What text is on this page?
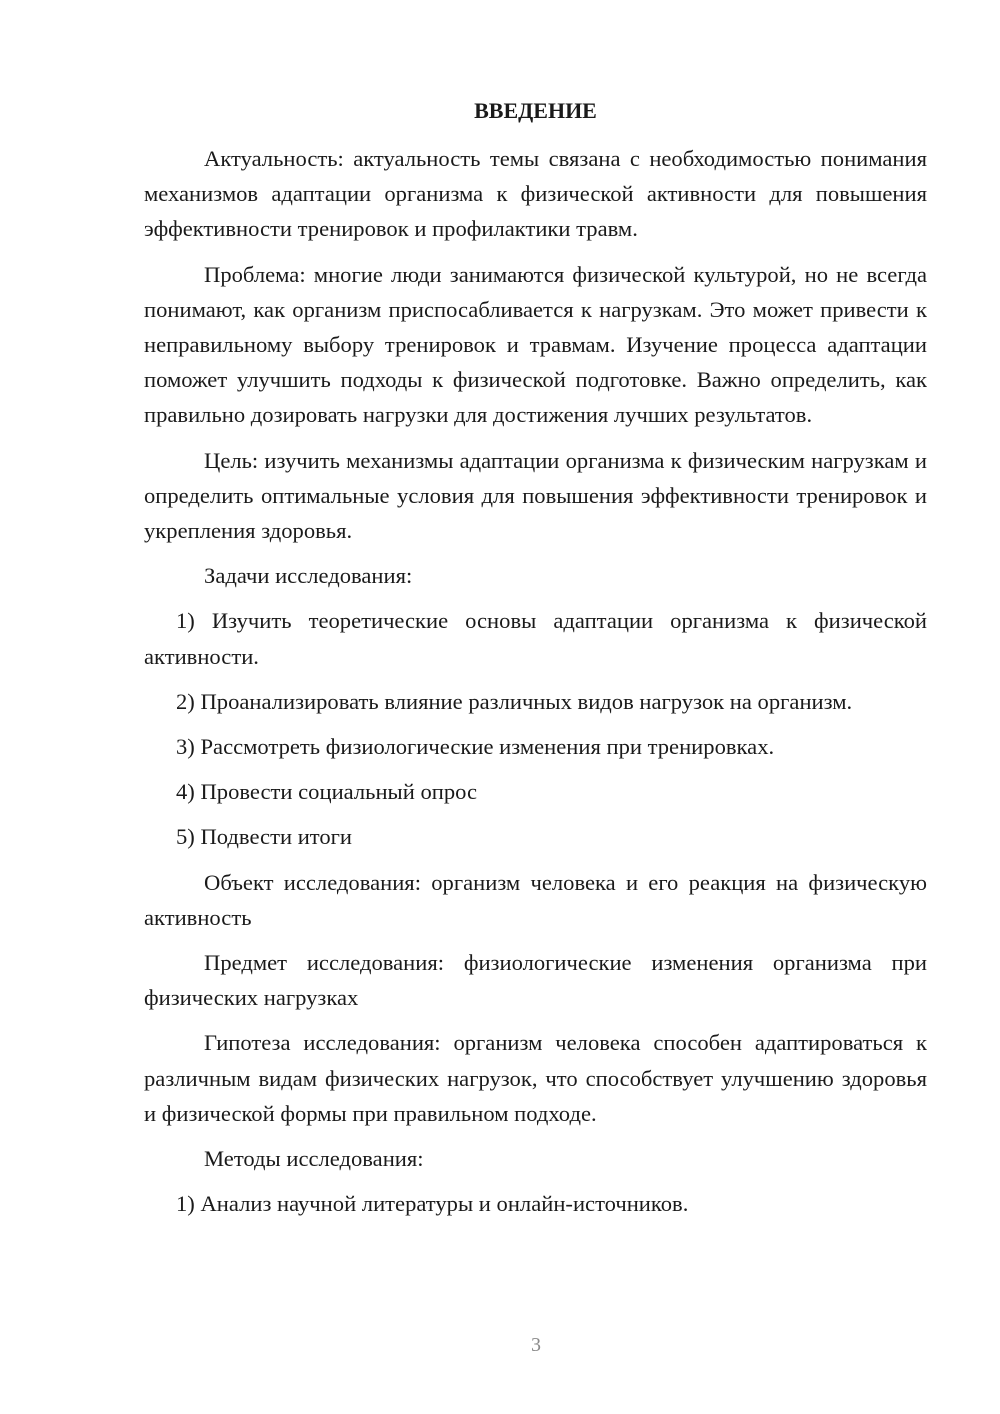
ВВЕДЕНИЕ

Актуальность: актуальность темы связана с необходимостью понимания механизмов адаптации организма к физической активности для повышения эффективности тренировок и профилактики травм.

Проблема: многие люди занимаются физической культурой, но не всегда понимают, как организм приспосабливается к нагрузкам. Это может привести к неправильному выбору тренировок и травмам. Изучение процесса адаптации поможет улучшить подходы к физической подготовке. Важно определить, как правильно дозировать нагрузки для достижения лучших результатов.

Цель: изучить механизмы адаптации организма к физическим нагрузкам и определить оптимальные условия для повышения эффективности тренировок и укрепления здоровья.

Задачи исследования:

1) Изучить теоретические основы адаптации организма к физической активности.

2) Проанализировать влияние различных видов нагрузок на организм.

3) Рассмотреть физиологические изменения при тренировках.

4) Провести социальный опрос

5) Подвести итоги

Объект исследования: организм человека и его реакция на физическую активность

Предмет исследования: физиологические изменения организма при физических нагрузках

Гипотеза исследования: организм человека способен адаптироваться к различным видам физических нагрузок, что способствует улучшению здоровья и физической формы при правильном подходе.

Методы исследования:

1) Анализ научной литературы и онлайн-источников.

3
